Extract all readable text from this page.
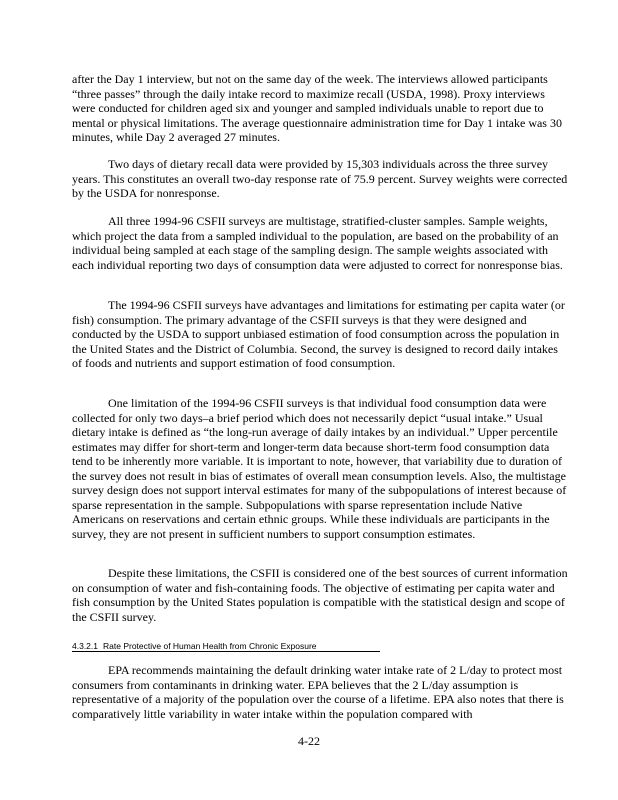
after the Day 1 interview, but not on the same day of the week. The interviews allowed participants “three passes” through the daily intake record to maximize recall (USDA, 1998). Proxy interviews were conducted for children aged six and younger and sampled individuals unable to report due to mental or physical limitations. The average questionnaire administration time for Day 1 intake was 30 minutes, while Day 2 averaged 27 minutes.

Two days of dietary recall data were provided by 15,303 individuals across the three survey years. This constitutes an overall two-day response rate of 75.9 percent. Survey weights were corrected by the USDA for nonresponse.

All three 1994-96 CSFII surveys are multistage, stratified-cluster samples. Sample weights, which project the data from a sampled individual to the population, are based on the probability of an individual being sampled at each stage of the sampling design. The sample weights associated with each individual reporting two days of consumption data were adjusted to correct for nonresponse bias.

The 1994-96 CSFII surveys have advantages and limitations for estimating per capita water (or fish) consumption. The primary advantage of the CSFII surveys is that they were designed and conducted by the USDA to support unbiased estimation of food consumption across the population in the United States and the District of Columbia. Second, the survey is designed to record daily intakes of foods and nutrients and support estimation of food consumption.

One limitation of the 1994-96 CSFII surveys is that individual food consumption data were collected for only two days–a brief period which does not necessarily depict “usual intake.” Usual dietary intake is defined as “the long-run average of daily intakes by an individual.” Upper percentile estimates may differ for short-term and longer-term data because short-term food consumption data tend to be inherently more variable. It is important to note, however, that variability due to duration of the survey does not result in bias of estimates of overall mean consumption levels. Also, the multistage survey design does not support interval estimates for many of the subpopulations of interest because of sparse representation in the sample. Subpopulations with sparse representation include Native Americans on reservations and certain ethnic groups. While these individuals are participants in the survey, they are not present in sufficient numbers to support consumption estimates.

Despite these limitations, the CSFII is considered one of the best sources of current information on consumption of water and fish-containing foods. The objective of estimating per capita water and fish consumption by the United States population is compatible with the statistical design and scope of the CSFII survey.

4.3.2.1 Rate Protective of Human Health from Chronic Exposure

EPA recommends maintaining the default drinking water intake rate of 2 L/day to protect most consumers from contaminants in drinking water. EPA believes that the 2 L/day assumption is representative of a majority of the population over the course of a lifetime. EPA also notes that there is comparatively little variability in water intake within the population compared with

4-22
